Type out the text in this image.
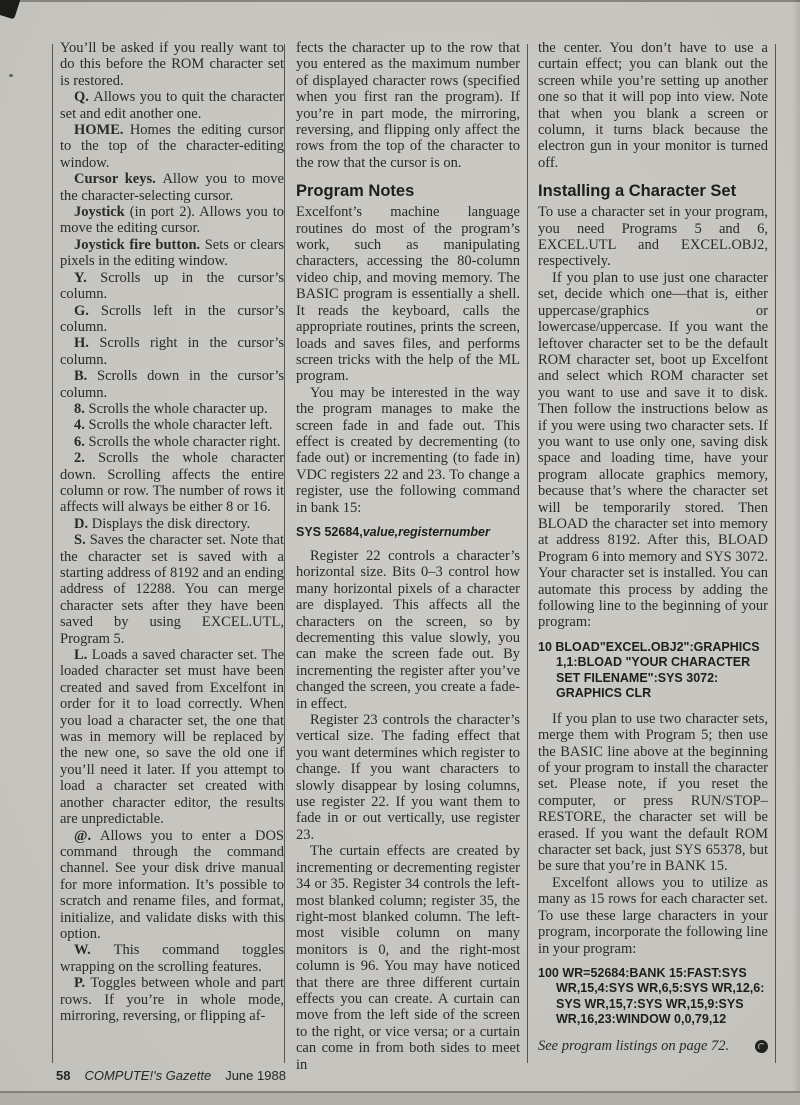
You’ll be asked if you really want to do this before the ROM character set is restored.

Q. Allows you to quit the character set and edit another one.

HOME. Homes the editing cursor to the top of the character-editing window.

Cursor keys. Allow you to move the character-selecting cursor.

Joystick (in port 2). Allows you to move the editing cursor.

Joystick fire button. Sets or clears pixels in the editing window.

Y. Scrolls up in the cursor’s column.

G. Scrolls left in the cursor’s column.

H. Scrolls right in the cursor’s column.

B. Scrolls down in the cursor’s column.

8. Scrolls the whole character up.

4. Scrolls the whole character left.

6. Scrolls the whole character right.

2. Scrolls the whole character down. Scrolling affects the entire column or row. The number of rows it affects will always be either 8 or 16.

D. Displays the disk directory.

S. Saves the character set. Note that the character set is saved with a starting address of 8192 and an ending address of 12288. You can merge character sets after they have been saved by using EXCEL.UTL, Program 5.

L. Loads a saved character set. The loaded character set must have been created and saved from Excelfont in order for it to load correctly. When you load a character set, the one that was in memory will be replaced by the new one, so save the old one if you’ll need it later. If you attempt to load a character set created with another character editor, the results are unpredictable.

@. Allows you to enter a DOS command through the command channel. See your disk drive manual for more information. It’s possible to scratch and rename files, and format, initialize, and validate disks with this option.

W. This command toggles wrapping on the scrolling features.

P. Toggles between whole and part rows. If you’re in whole mode, mirroring, reversing, or flipping af-

fects the character up to the row that you entered as the maximum number of displayed character rows (specified when you first ran the program). If you’re in part mode, the mirroring, reversing, and flipping only affect the rows from the top of the character to the row that the cursor is on.

Program Notes

Excelfont’s machine language routines do most of the program’s work, such as manipulating characters, accessing the 80-column video chip, and moving memory. The BASIC program is essentially a shell. It reads the keyboard, calls the appropriate routines, prints the screen, loads and saves files, and performs screen tricks with the help of the ML program.

You may be interested in the way the program manages to make the screen fade in and fade out. This effect is created by decrementing (to fade out) or incrementing (to fade in) VDC registers 22 and 23. To change a register, use the following command in bank 15:

SYS 52684,value,registernumber

Register 22 controls a character’s horizontal size. Bits 0–3 control how many horizontal pixels of a character are displayed. This affects all the characters on the screen, so by decrementing this value slowly, you can make the screen fade out. By incrementing the register after you’ve changed the screen, you create a fade-in effect.

Register 23 controls the character’s vertical size. The fading effect that you want determines which register to change. If you want characters to slowly disappear by losing columns, use register 22. If you want them to fade in or out vertically, use register 23.

The curtain effects are created by incrementing or decrementing register 34 or 35. Register 34 controls the left-most blanked column; register 35, the right-most blanked column. The left-most visible column on many monitors is 0, and the right-most column is 96. You may have noticed that there are three different curtain effects you can create. A curtain can move from the left side of the screen to the right, or vice versa; or a curtain can come in from both sides to meet in

the center. You don’t have to use a curtain effect; you can blank out the screen while you’re setting up another one so that it will pop into view. Note that when you blank a screen or column, it turns black because the electron gun in your monitor is turned off.

Installing a Character Set

To use a character set in your program, you need Programs 5 and 6, EXCEL.UTL and EXCEL.OBJ2, respectively.

If you plan to use just one character set, decide which one—that is, either uppercase/graphics or lowercase/uppercase. If you want the leftover character set to be the default ROM character set, boot up Excelfont and select which ROM character set you want to use and save it to disk. Then follow the instructions below as if you were using two character sets. If you want to use only one, saving disk space and loading time, have your program allocate graphics memory, because that’s where the character set will be temporarily stored. Then BLOAD the character set into memory at address 8192. After this, BLOAD Program 6 into memory and SYS 3072. Your character set is installed. You can automate this process by adding the following line to the beginning of your program:

10 BLOAD"EXCEL.OBJ2":GRAPHICS
1,1:BLOAD "YOUR CHARACTER
SET FILENAME":SYS 3072:
GRAPHICS CLR

If you plan to use two character sets, merge them with Program 5; then use the BASIC line above at the beginning of your program to install the character set. Please note, if you reset the computer, or press RUN/STOP–RESTORE, the character set will be erased. If you want the default ROM character set back, just SYS 65378, but be sure that you’re in BANK 15.

Excelfont allows you to utilize as many as 15 rows for each character set. To use these large characters in your program, incorporate the following line in your program:

100 WR=52684:BANK 15:FAST:SYS
WR,15,4:SYS WR,6,5:SYS WR,12,6:
SYS WR,15,7:SYS WR,15,9:SYS
WR,16,23:WINDOW 0,0,79,12
See program listings on page 72.
58 COMPUTE!'s Gazette June 1988
